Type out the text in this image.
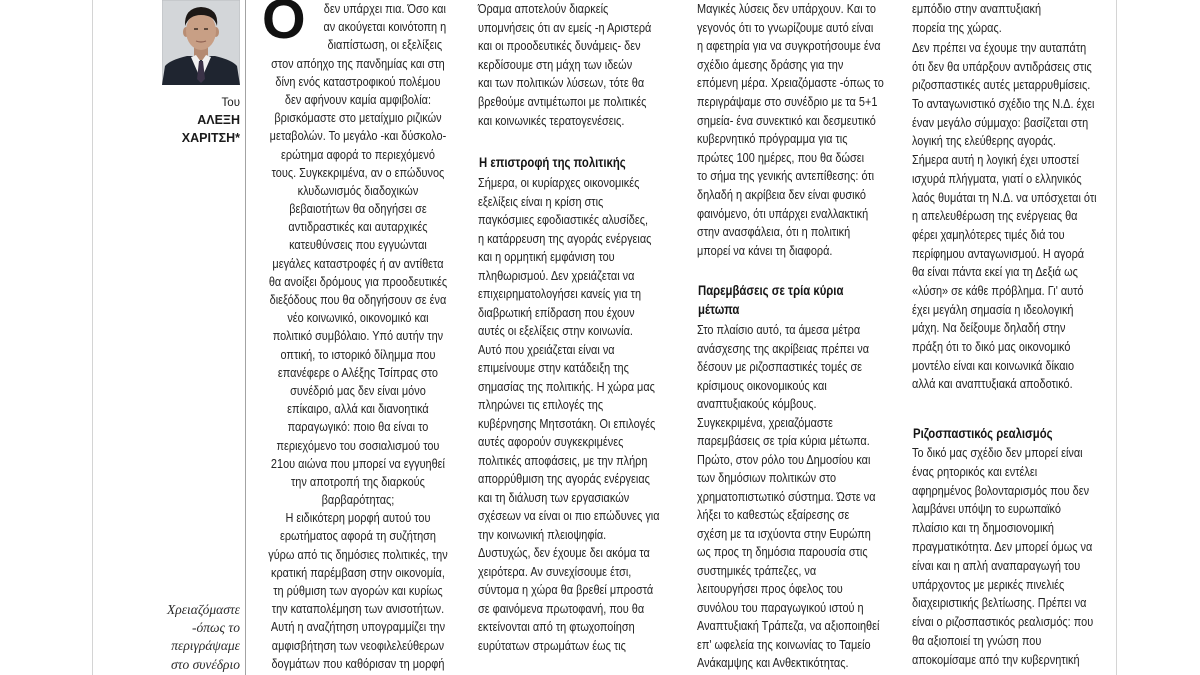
Του
ΑΛΕΞΗ
ΧΑΡΙΤΣΗ*
Χρειαζόμαστε
-όπως το
περιγράψαμε
στο συνέδριο
Ο	δεν υπάρχει πια. Όσο και
αν ακούγεται κοινότοπη η
διαπίστωση, οι εξελίξεις
στον απόηχο της πανδημίας και στη
δίνη ενός καταστροφικού πολέμου
δεν αφήνουν καμία αμφιβολία:
βρισκόμαστε στο μεταίχμιο ριζικών
μεταβολών. Το μεγάλο -και δύσκολο-
ερώτημα αφορά το περιεχόμενό
τους. Συγκεκριμένα, αν ο επώδυνος
κλυδωνισμός διαδοχικών
βεβαιοτήτων θα οδηγήσει σε
αντιδραστικές και αυταρχικές
κατευθύνσεις που εγγυώνται
μεγάλες καταστροφές ή αν αντίθετα
θα ανοίξει δρόμους για προοδευτικές
διεξόδους που θα οδηγήσουν σε ένα
νέο κοινωνικό, οικονομικό και
πολιτικό συμβόλαιο. Υπό αυτήν την
οπτική, το ιστορικό δίλημμα που
επανέφερε ο Αλέξης Τσίπρας στο
συνέδριό μας δεν είναι μόνο
επίκαιρο, αλλά και διανοητικά
παραγωγικό: ποιο θα είναι το
περιεχόμενο του σοσιαλισμού του
21ου αιώνα που μπορεί να εγγυηθεί
την αποτροπή της διαρκούς
βαρβαρότητας;
Η ειδικότερη μορφή αυτού του
ερωτήματος αφορά τη συζήτηση
γύρω από τις δημόσιες πολιτικές, την
κρατική παρέμβαση στην οικονομία,
τη ρύθμιση των αγορών και κυρίως
την καταπολέμηση των ανισοτήτων.
Αυτή η αναζήτηση υπογραμμίζει την
αμφισβήτηση των νεοφιλελεύθερων
δογμάτων που καθόρισαν τη μορφή
Όραμα αποτελούν διαρκείς
υπομνήσεις ότι αν εμείς -η Αριστερά
και οι προοδευτικές δυνάμεις- δεν
κερδίσουμε στη μάχη των ιδεών
και των πολιτικών λύσεων, τότε θα
βρεθούμε αντιμέτωποι με πολιτικές
και κοινωνικές τερατογενέσεις.
Η επιστροφή της πολιτικής
Σήμερα, οι κυρίαρχες οικονομικές
εξελίξεις είναι η κρίση στις
παγκόσμιες εφοδιαστικές αλυσίδες,
η κατάρρευση της αγοράς ενέργειας
και η ορμητική εμφάνιση του
πληθωρισμού. Δεν χρειάζεται να
επιχειρηματολογήσει κανείς για τη
διαβρωτική επίδραση που έχουν
αυτές οι εξελίξεις στην κοινωνία.
Αυτό που χρειάζεται είναι να
επιμείνουμε στην κατάδειξη της
σημασίας της πολιτικής. Η χώρα μας
πληρώνει τις επιλογές της
κυβέρνησης Μητσοτάκη. Οι επιλογές
αυτές αφορούν συγκεκριμένες
πολιτικές αποφάσεις, με την πλήρη
απορρύθμιση της αγοράς ενέργειας
και τη διάλυση των εργασιακών
σχέσεων να είναι οι πιο επώδυνες για
την κοινωνική πλειοψηφία.
Δυστυχώς, δεν έχουμε δει ακόμα τα
χειρότερα. Αν συνεχίσουμε έτσι,
σύντομα η χώρα θα βρεθεί μπροστά
σε φαινόμενα πρωτοφανή, που θα
εκτείνονται από τη φτωχοποίηση
ευρύτατων στρωμάτων έως τις
Μαγικές λύσεις δεν υπάρχουν. Και το
γεγονός ότι το γνωρίζουμε αυτό είναι
η αφετηρία για να συγκροτήσουμε ένα
σχέδιο άμεσης δράσης για την
επόμενη μέρα. Χρειαζόμαστε -όπως το
περιγράψαμε στο συνέδριο με τα 5+1
σημεία- ένα συνεκτικό και δεσμευτικό
κυβερνητικό πρόγραμμα για τις
πρώτες 100 ημέρες, που θα δώσει
το σήμα της γενικής αντεπίθεσης: ότι
δηλαδή η ακρίβεια δεν είναι φυσικό
φαινόμενο, ότι υπάρχει εναλλακτική
στην ανασφάλεια, ότι η πολιτική
μπορεί να κάνει τη διαφορά.
Παρεμβάσεις σε τρία κύρια
μέτωπα
Στο πλαίσιο αυτό, τα άμεσα μέτρα
ανάσχεσης της ακρίβειας πρέπει να
δέσουν με ριζοσπαστικές τομές σε
κρίσιμους οικονομικούς και
αναπτυξιακούς κόμβους.
Συγκεκριμένα, χρειαζόμαστε
παρεμβάσεις σε τρία κύρια μέτωπα.
Πρώτο, στον ρόλο του Δημοσίου και
των δημόσιων πολιτικών στο
χρηματοπιστωτικό σύστημα. Ώστε να
λήξει το καθεστώς εξαίρεσης σε
σχέση με τα ισχύοντα στην Ευρώπη
ως προς τη δημόσια παρουσία στις
συστημικές τράπεζες, να
λειτουργήσει προς όφελος του
συνόλου του παραγωγικού ιστού η
Αναπτυξιακή Τράπεζα, να αξιοποιηθεί
επ' ωφελεία της κοινωνίας το Ταμείο
Ανάκαμψης και Ανθεκτικότητας.
εμπόδιο στην αναπτυξιακή
πορεία της χώρας.
Δεν πρέπει να έχουμε την αυταπάτη
ότι δεν θα υπάρξουν αντιδράσεις στις
ριζοσπαστικές αυτές μεταρρυθμίσεις.
Το ανταγωνιστικό σχέδιο της Ν.Δ. έχει
έναν μεγάλο σύμμαχο: βασίζεται στη
λογική της ελεύθερης αγοράς.
Σήμερα αυτή η λογική έχει υποστεί
ισχυρά πλήγματα, γιατί ο ελληνικός
λαός θυμάται τη Ν.Δ. να υπόσχεται ότι
η απελευθέρωση της ενέργειας θα
φέρει χαμηλότερες τιμές διά του
περίφημου ανταγωνισμού. Η αγορά
θα είναι πάντα εκεί για τη Δεξιά ως
«λύση» σε κάθε πρόβλημα. Γι' αυτό
έχει μεγάλη σημασία η ιδεολογική
μάχη. Να δείξουμε δηλαδή στην
πράξη ότι το δικό μας οικονομικό
μοντέλο είναι και κοινωνικά δίκαιο
αλλά και αναπτυξιακά αποδοτικό.
Ριζοσπαστικός ρεαλισμός
Το δικό μας σχέδιο δεν μπορεί είναι
ένας ρητορικός και εντέλει
αφηρημένος βολονταρισμός που δεν
λαμβάνει υπόψη το ευρωπαϊκό
πλαίσιο και τη δημοσιονομική
πραγματικότητα. Δεν μπορεί όμως να
είναι και η απλή αναπαραγωγή του
υπάρχοντος με μερικές πινελιές
διαχειριστικής βελτίωσης. Πρέπει να
είναι ο ριζοσπαστικός ρεαλισμός: που
θα αξιοποιεί τη γνώση που
αποκομίσαμε από την κυβερνητική
